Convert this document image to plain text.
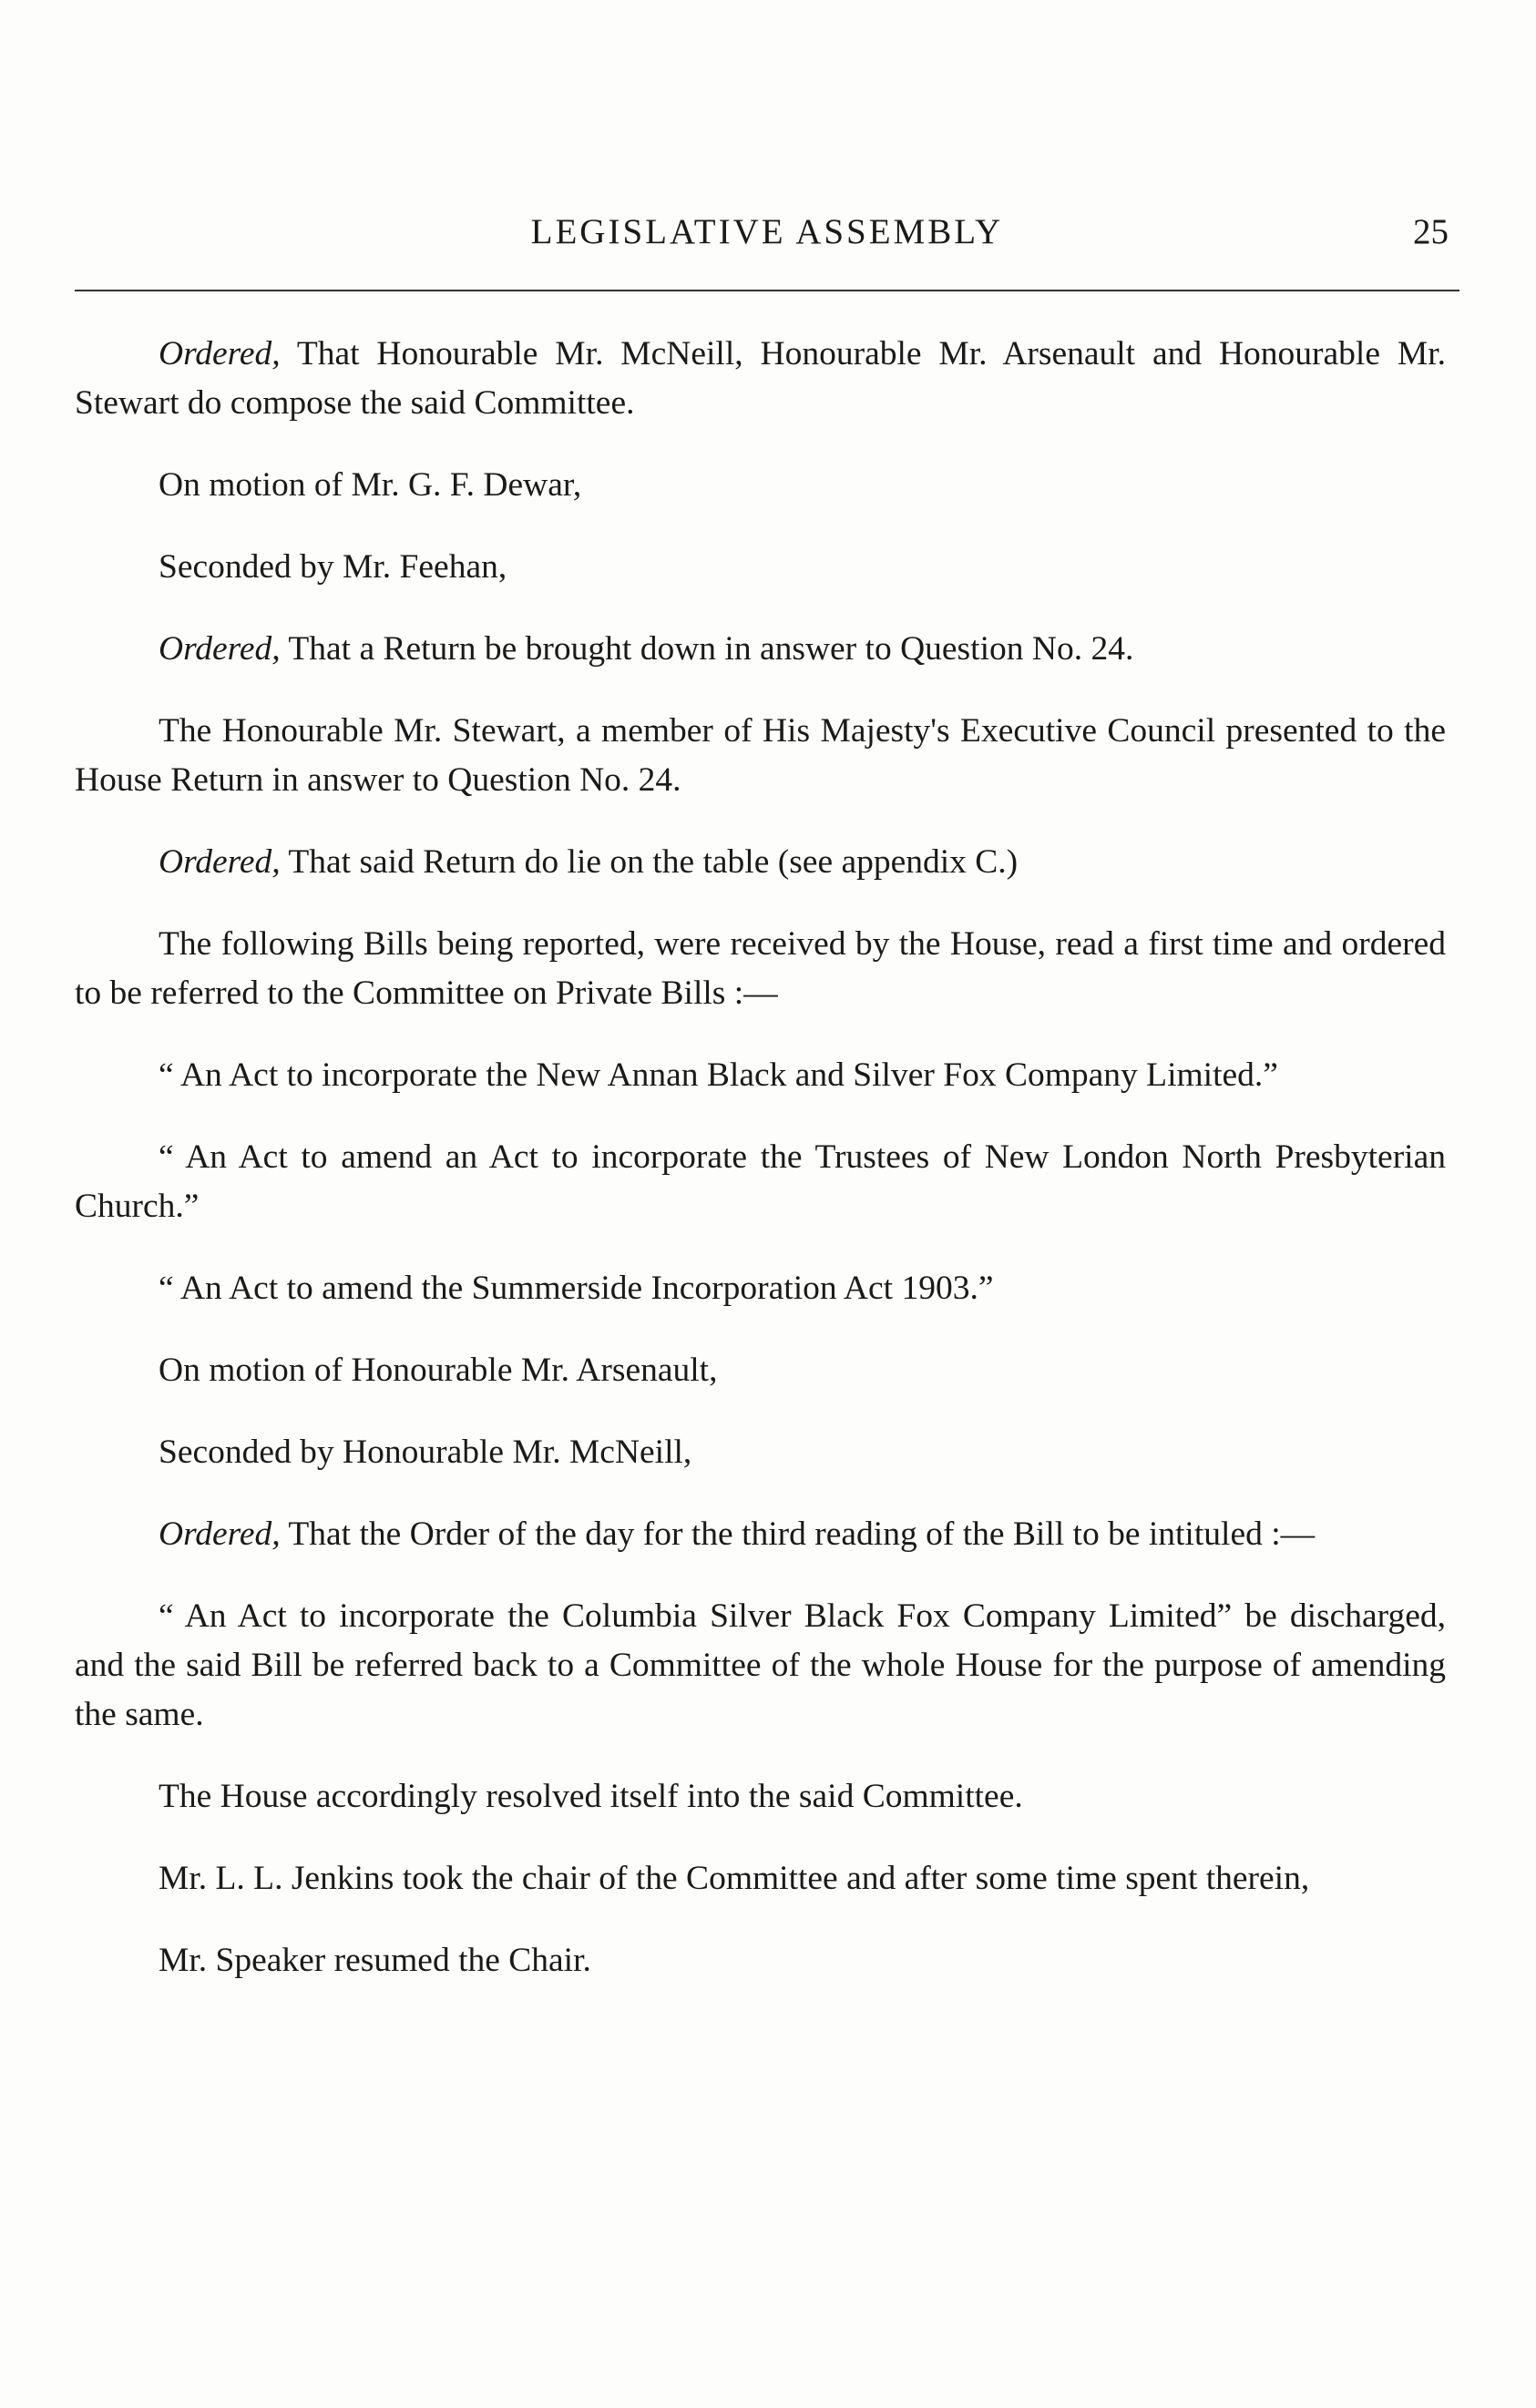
LEGISLATIVE ASSEMBLY	25

Ordered, That Honourable Mr. McNeill, Honourable Mr. Arsenault and Honourable Mr. Stewart do compose the said Committee.

On motion of Mr. G. F. Dewar,

Seconded by Mr. Feehan,

Ordered, That a Return be brought down in answer to Question No. 24.

The Honourable Mr. Stewart, a member of His Majesty's Executive Council presented to the House Return in answer to Question No. 24.

Ordered, That said Return do lie on the table (see appendix C.)

The following Bills being reported, were received by the House, read a first time and ordered to be referred to the Committee on Private Bills :—

“ An Act to incorporate the New Annan Black and Silver Fox Company Limited.”

“ An Act to amend an Act to incorporate the Trustees of New London North Presbyterian Church.”

“ An Act to amend the Summerside Incorporation Act 1903.”

On motion of Honourable Mr. Arsenault,

Seconded by Honourable Mr. McNeill,

Ordered, That the Order of the day for the third reading of the Bill to be intituled :—

“ An Act to incorporate the Columbia Silver Black Fox Company Limited” be discharged, and the said Bill be referred back to a Committee of the whole House for the purpose of amending the same.

The House accordingly resolved itself into the said Committee.

Mr. L. L. Jenkins took the chair of the Committee and after some time spent therein,

Mr. Speaker resumed the Chair.
